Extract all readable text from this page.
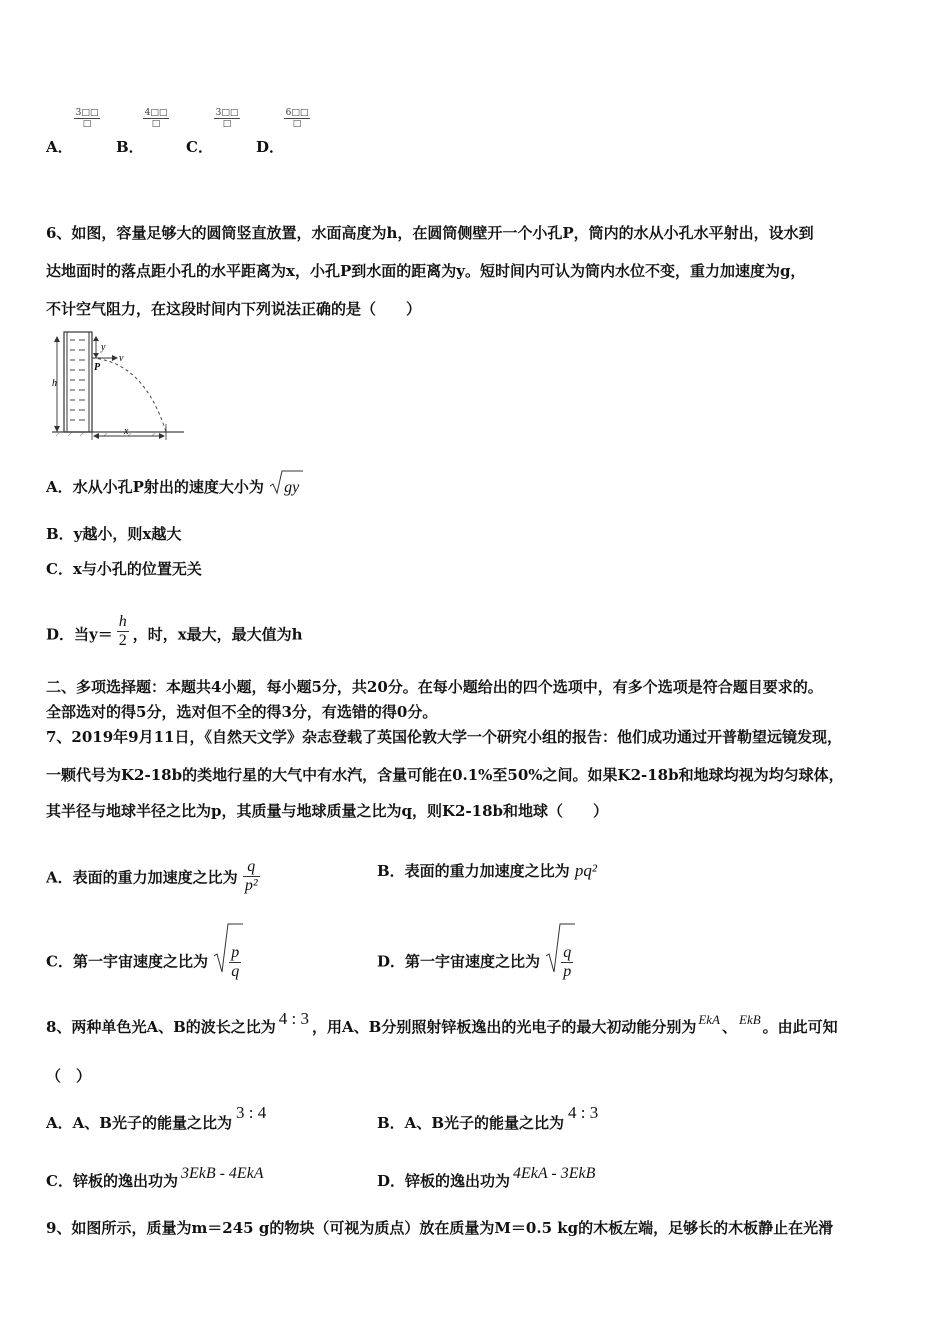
A．
3□□
□
B．
4□□
□
C．
3□□
□
D．
6□□
□
6、如图，容量足够大的圆筒竖直放置，水面高度为h，在圆筒侧壁开一个小孔P，筒内的水从小孔水平射出，设水到
达地面时的落点距小孔的水平距离为x，小孔P到水面的距离为y。短时间内可认为筒内水位不变，重力加速度为g，
不计空气阻力，在这段时间内下列说法正确的是（　　）
h
y
v
P
x
A．水从小孔P射出的速度大小为 gy
B．y越小，则x越大
C．x与小孔的位置无关
D．当$y= \frac{h}{2}$ ，时，x最大，最大值为h
二、多项选择题：本题共4小题，每小题5分，共20分。在每小题给出的四个选项中，有多个选项是符合题目要求的。
全部选对的得5分，选对但不全的得3分，有选错的得0分。
7、2019年9月11日，《自然天文学》杂志登载了英国伦敦大学一个研究小组的报告：他们成功通过开普勒望远镜发现，
一颗代号为K2-18b的类地行星的大气中有水汽，含量可能在0.1%至50%之间。如果K2-18b和地球均视为均匀球体，
其半径与地球半径之比为p，其质量与地球质量之比为q，则K2-18b和地球（　　）
A．表面的重力加速度之比为 $\frac{q}{\text{p²}}$	B．表面的重力加速度之比为 pq²
C．第一宇宙速度之比为 $\frac{p}{q}$	D．第一宇宙速度之比为 $\frac{q}{p}$
8、两种单色光A、B的波长之比为 4 : 3 ，用A、B分别照射锌板逸出的光电子的最大初动能分别为 EkA 、 EkB 。由此可知
（　）
A．A、B光子的能量之比为3 : 4
B．A、B光子的能量之比为4 : 3
C．锌板的逸出功为 3EkB - 4EkA	D．锌板的逸出功为 4EkA - 3EkB
9、如图所示，质量为m＝245 g的物块（可视为质点）放在质量为M＝0.5 kg的木板左端，足够长的木板静止在光滑
